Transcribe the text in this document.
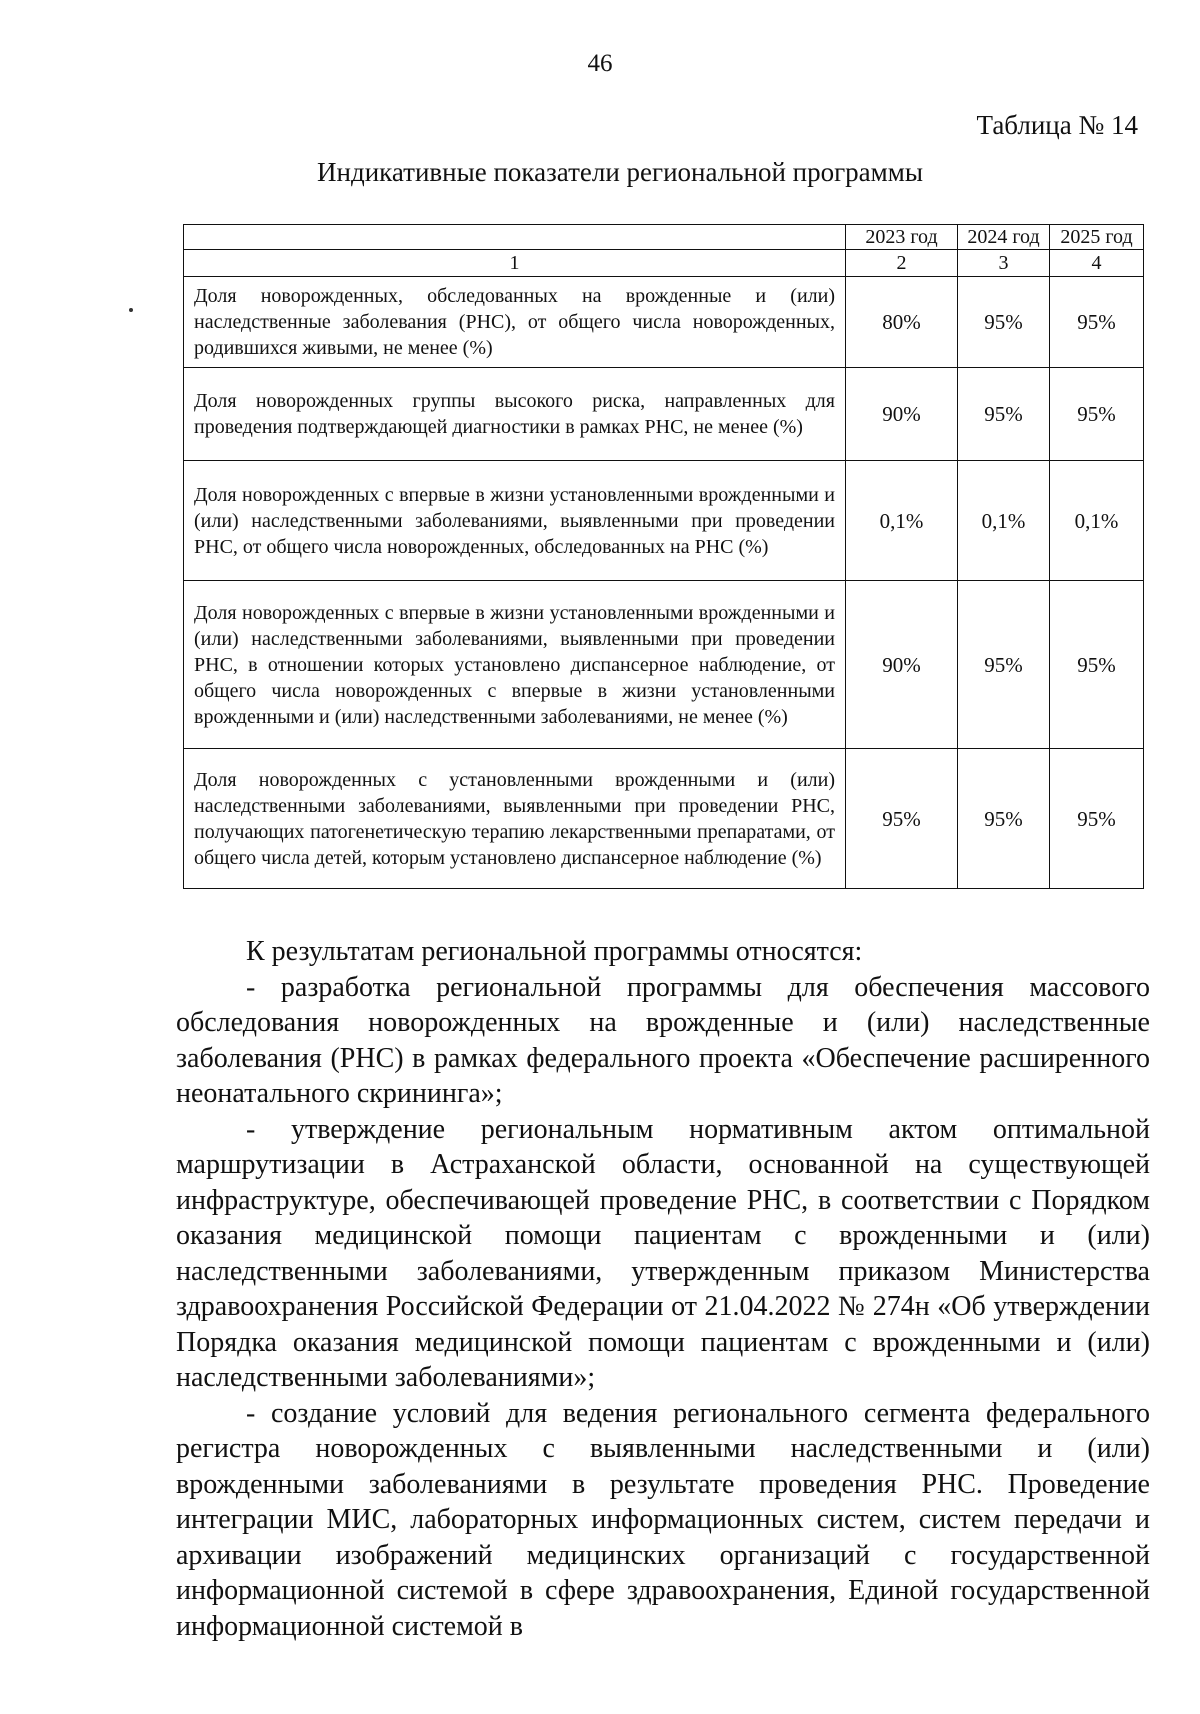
46
Таблица № 14
Индикативные показатели региональной программы
	2023 год	2024 год	2025 год
1	2	3	4
Доля новорожденных, обследованных на врожденные и (или) наследственные заболевания (РНС), от общего числа новорожденных, родившихся живыми, не менее (%)	80%	95%	95%
Доля новорожденных группы высокого риска, направленных для проведения подтверждающей диагностики в рамках РНС, не менее (%)	90%	95%	95%
Доля новорожденных с впервые в жизни установленными врожденными и (или) наследственными заболеваниями, выявленными при проведении РНС, от общего числа новорожденных, обследованных на РНС (%)	0,1%	0,1%	0,1%
Доля новорожденных с впервые в жизни установленными врожденными и (или) наследственными заболеваниями, выявленными при проведении РНС, в отношении которых установлено диспансерное наблюдение, от общего числа новорожденных с впервые в жизни установленными врожденными и (или) наследственными заболеваниями, не менее (%)	90%	95%	95%
Доля новорожденных с установленными врожденными и (или) наследственными заболеваниями, выявленными при проведении РНС, получающих патогенетическую терапию лекарственными препаратами, от общего числа детей, которым установлено диспансерное наблюдение (%)	95%	95%	95%

К результатам региональной программы относятся:

- разработка региональной программы для обеспечения массового обследования новорожденных на врожденные и (или) наследственные заболевания (РНС) в рамках федерального проекта «Обеспечение расширенного неонатального скрининга»;

- утверждение региональным нормативным актом оптимальной маршрутизации в Астраханской области, основанной на существующей инфраструктуре, обеспечивающей проведение РНС, в соответствии с Порядком оказания медицинской помощи пациентам с врожденными и (или) наследственными заболеваниями, утвержденным приказом Министерства здравоохранения Российской Федерации от 21.04.2022 № 274н «Об утверждении Порядка оказания медицинской помощи пациентам с врожденными и (или) наследственными заболеваниями»;

- создание условий для ведения регионального сегмента федерального регистра новорожденных с выявленными наследственными и (или) врожденными заболеваниями в результате проведения РНС. Проведение интеграции МИС, лабораторных информационных систем, систем передачи и архивации изображений медицинских организаций с государственной информационной системой в сфере здравоохранения, Единой государственной информационной системой в
